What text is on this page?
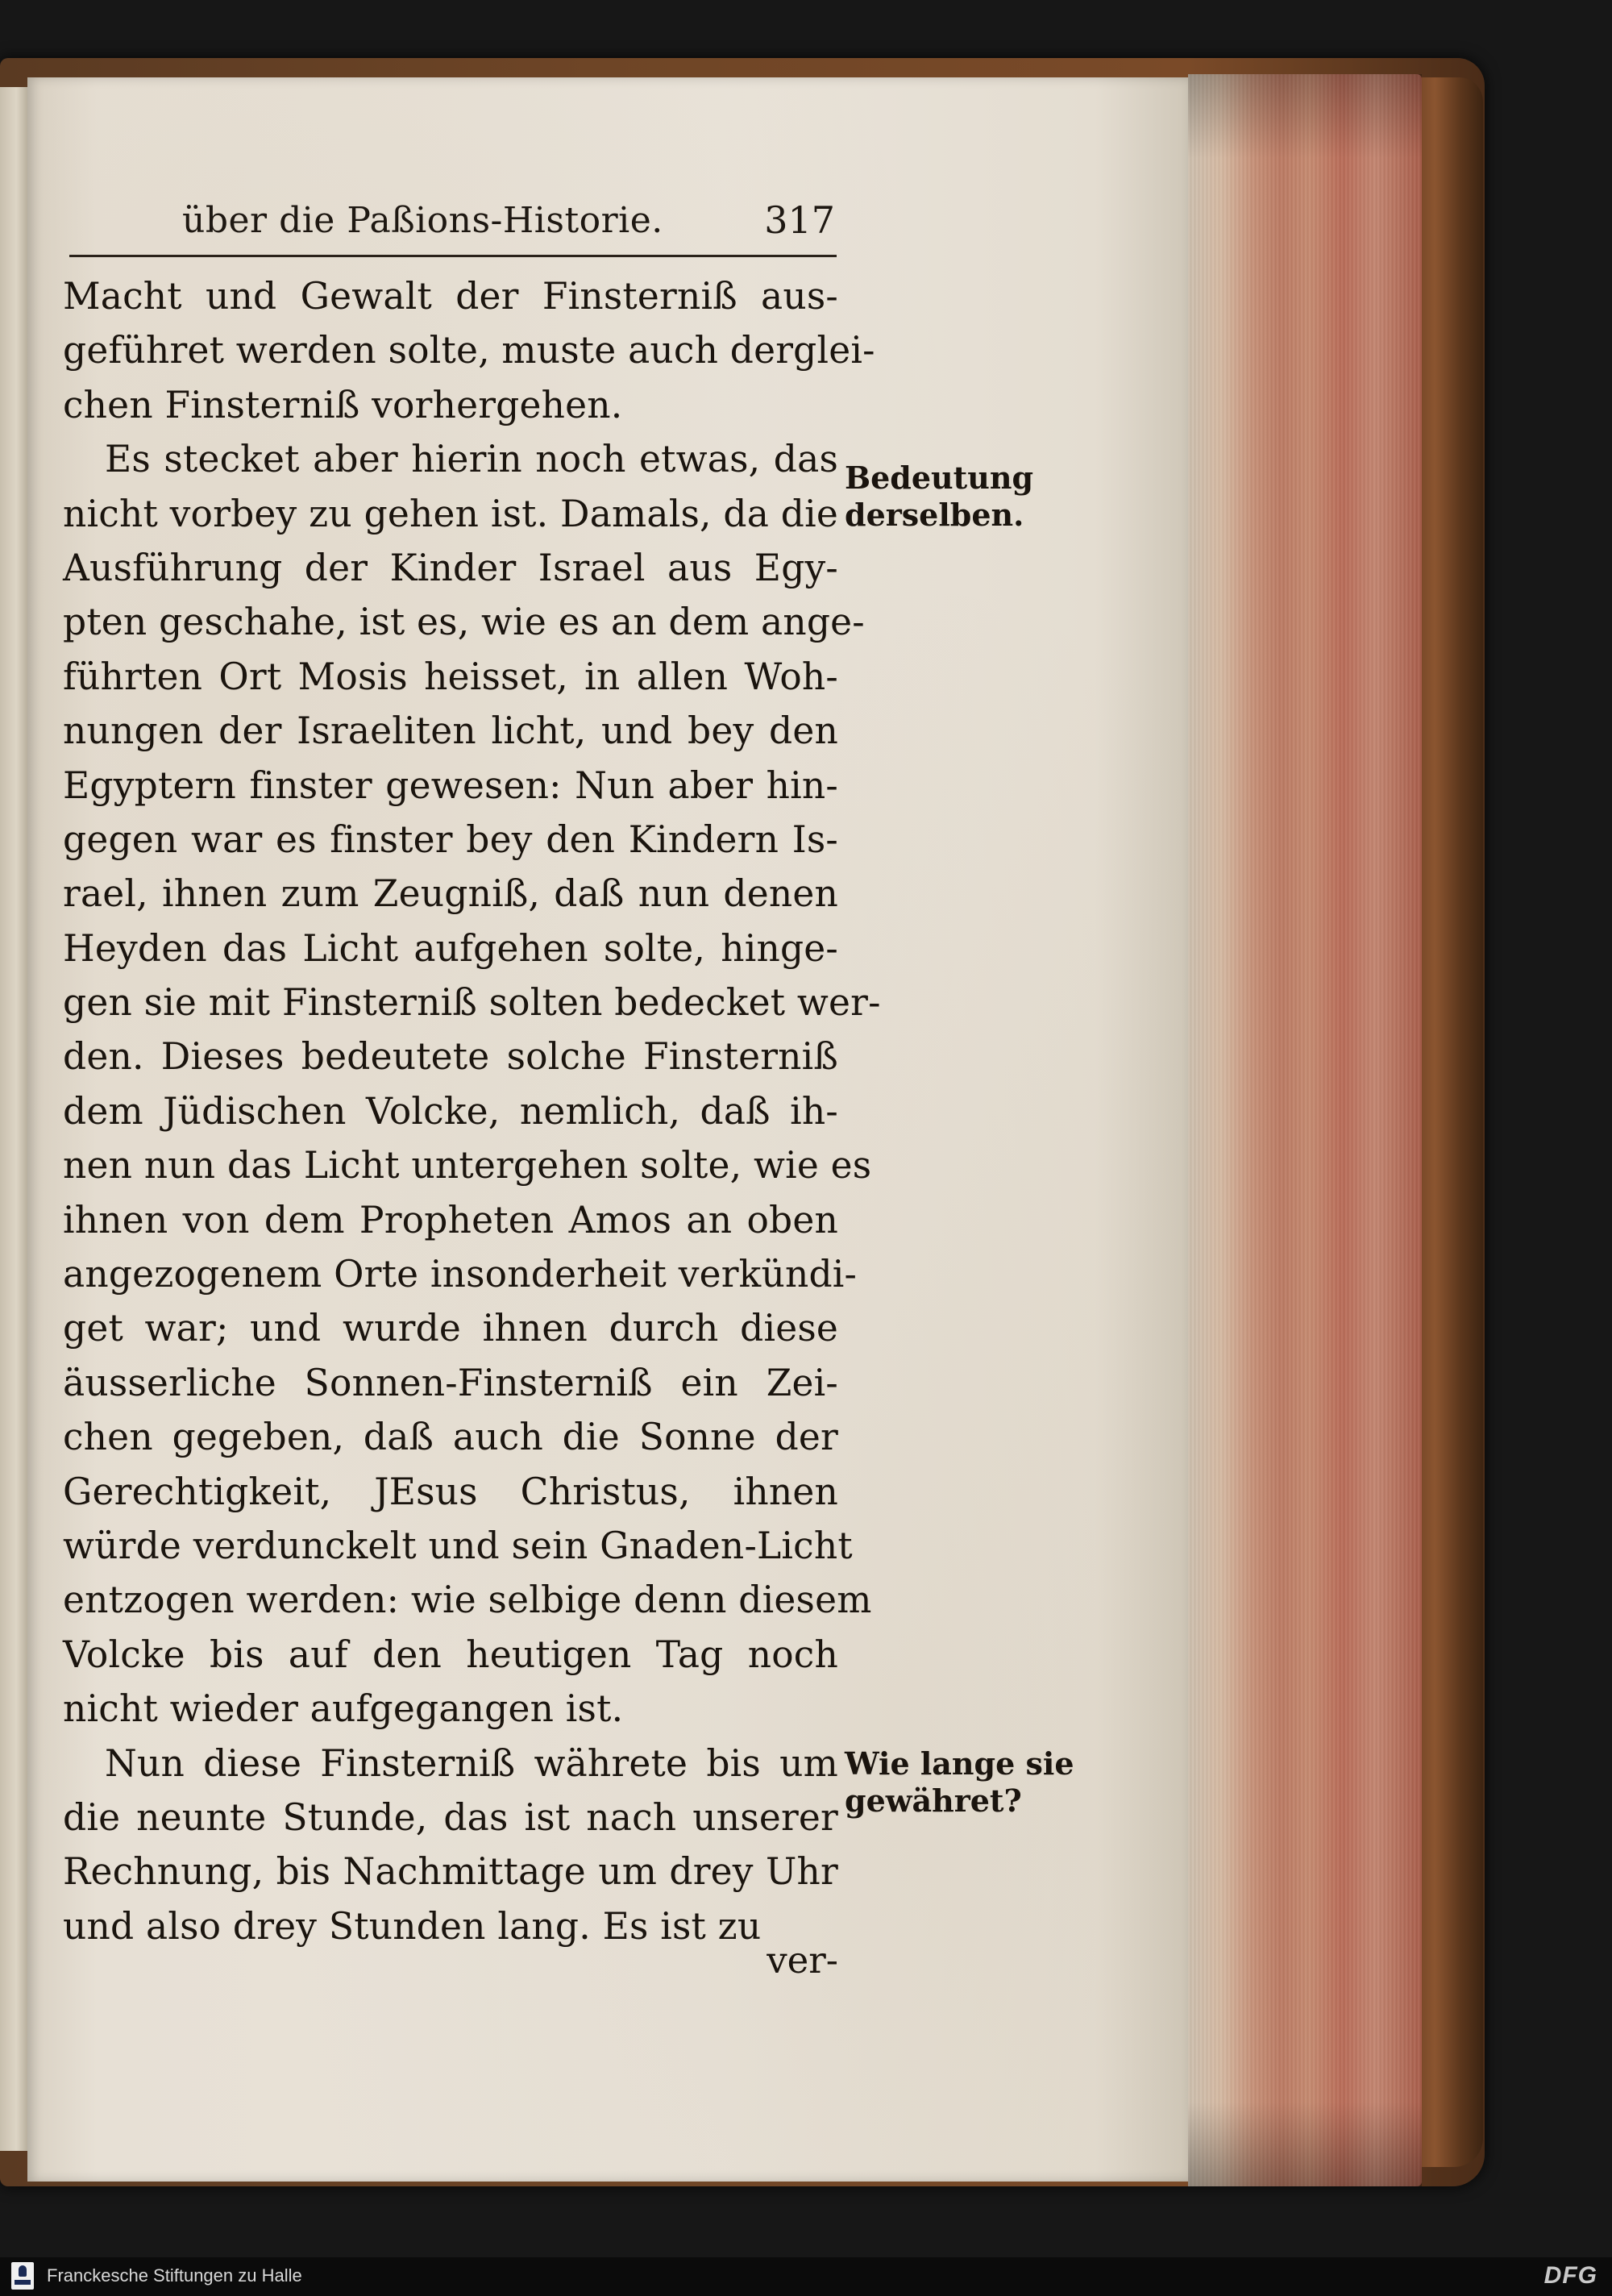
über die Paßions-Historie.	317
Macht und Gewalt der Finsterniß aus-
geführet werden solte, muste auch derglei-
chen Finsterniß vorhergehen.
Es stecket aber hierin noch etwas, das
nicht vorbey zu gehen ist. Damals, da die
Ausführung der Kinder Israel aus Egy-
pten geschahe, ist es, wie es an dem ange-
führten Ort Mosis heisset, in allen Woh-
nungen der Israeliten licht, und bey den
Egyptern finster gewesen: Nun aber hin-
gegen war es finster bey den Kindern Is-
rael, ihnen zum Zeugniß, daß nun denen
Heyden das Licht aufgehen solte, hinge-
gen sie mit Finsterniß solten bedecket wer-
den. Dieses bedeutete solche Finsterniß
dem Jüdischen Volcke, nemlich, daß ih-
nen nun das Licht untergehen solte, wie es
ihnen von dem Propheten Amos an oben
angezogenem Orte insonderheit verkündi-
get war; und wurde ihnen durch diese
äusserliche Sonnen-Finsterniß ein Zei-
chen gegeben, daß auch die Sonne der
Gerechtigkeit, JEsus Christus, ihnen
würde verdunckelt und sein Gnaden-Licht
entzogen werden: wie selbige denn diesem
Volcke bis auf den heutigen Tag noch
nicht wieder aufgegangen ist.
Nun diese Finsterniß währete bis um
die neunte Stunde, das ist nach unserer
Rechnung, bis Nachmittage um drey Uhr
und also drey Stunden lang. Es ist zu
ver-
Bedeutung
derselben.
Wie lange sie
gewähret?
Franckesche Stiftungen zu Halle	DFG
